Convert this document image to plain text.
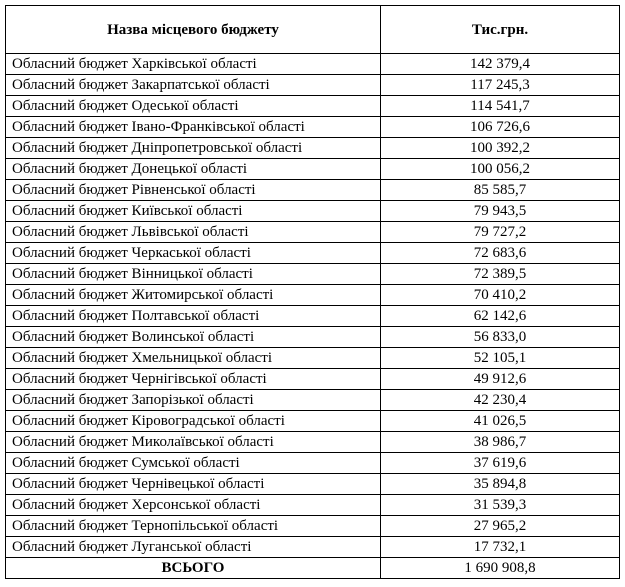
Назва місцевого бюджету	Тис.грн.
Обласний бюджет Харківської області	142 379,4
Обласний бюджет Закарпатської області	117 245,3
Обласний бюджет Одеської області	114 541,7
Обласний бюджет Івано-Франківської області	106 726,6
Обласний бюджет Дніпропетровської області	100 392,2
Обласний бюджет Донецької області	100 056,2
Обласний бюджет Рівненської області	85 585,7
Обласний бюджет Київської області	79 943,5
Обласний бюджет Львівської області	79 727,2
Обласний бюджет Черкаської області	72 683,6
Обласний бюджет Вінницької області	72 389,5
Обласний бюджет Житомирської області	70 410,2
Обласний бюджет Полтавської області	62 142,6
Обласний бюджет Волинської області	56 833,0
Обласний бюджет Хмельницької області	52 105,1
Обласний бюджет Чернігівської області	49 912,6
Обласний бюджет Запорізької області	42 230,4
Обласний бюджет Кіровоградської області	41 026,5
Обласний бюджет Миколаївської області	38 986,7
Обласний бюджет Сумської області	37 619,6
Обласний бюджет Чернівецької області	35 894,8
Обласний бюджет Херсонської області	31 539,3
Обласний бюджет Тернопільської області	27 965,2
Обласний бюджет Луганської області	17 732,1
ВСЬОГО	1 690 908,8
